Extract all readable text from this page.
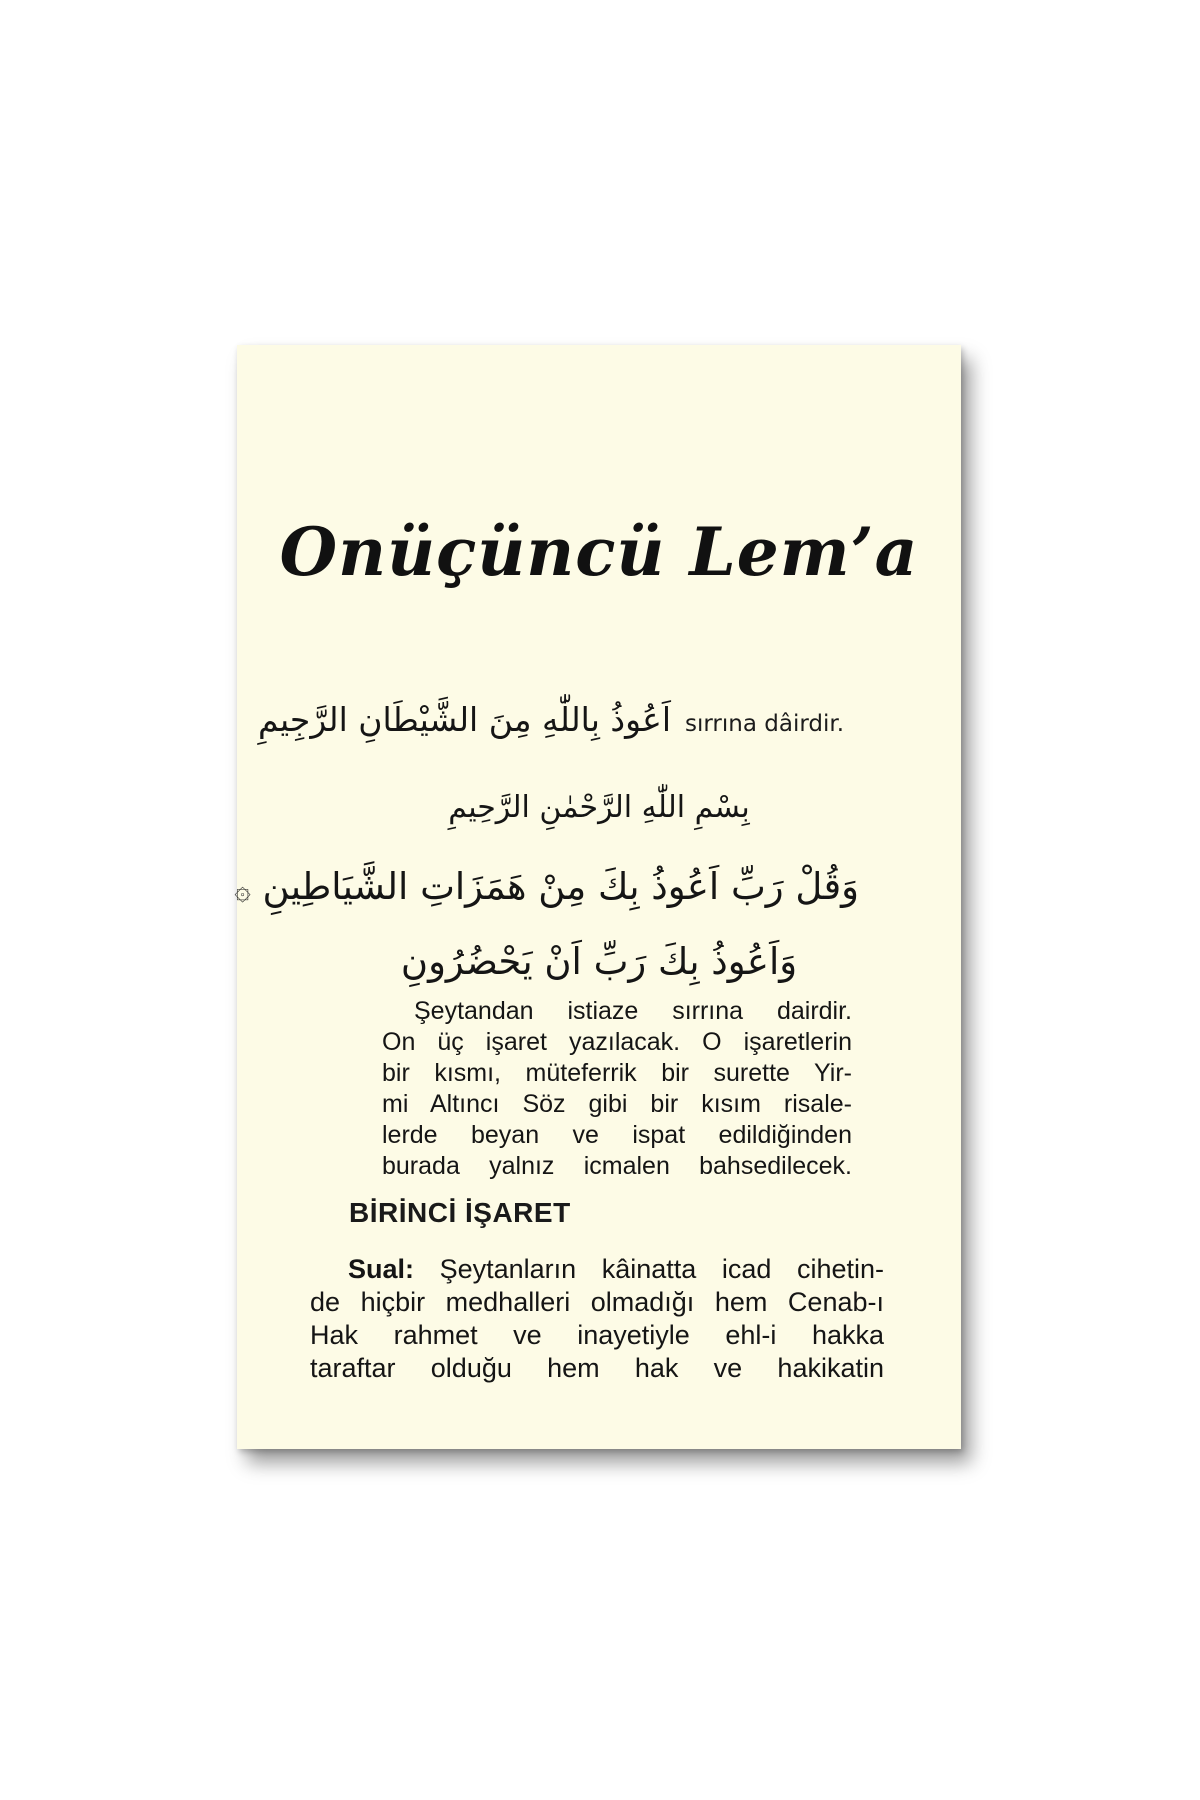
Onüçüncü Lem’a
اَعُوذُ بِاللّٰهِ مِنَ الشَّيْطَانِ الرَّجِيمِ sırrına dâirdir.
بِسْمِ اللّٰهِ الرَّحْمٰنِ الرَّحِيمِ
وَقُلْ رَبِّ اَعُوذُ بِكَ مِنْ هَمَزَاتِ الشَّيَاطِينِ ۞
وَاَعُوذُ بِكَ رَبِّ اَنْ يَحْضُرُونِ
Şeytandan istiaze sırrına dairdir.
On üç işaret yazılacak. O işaretlerin
bir kısmı, müteferrik bir surette Yir-
mi Altıncı Söz gibi bir kısım risale-
lerde beyan ve ispat edildiğinden
burada yalnız icmalen bahsedilecek.
BİRİNCİ İŞARET
Sual: Şeytanların kâinatta icad cihetin-
de hiçbir medhalleri olmadığı hem Cenab-ı
Hak rahmet ve inayetiyle ehl-i hakka
taraftar olduğu hem hak ve hakikatin
